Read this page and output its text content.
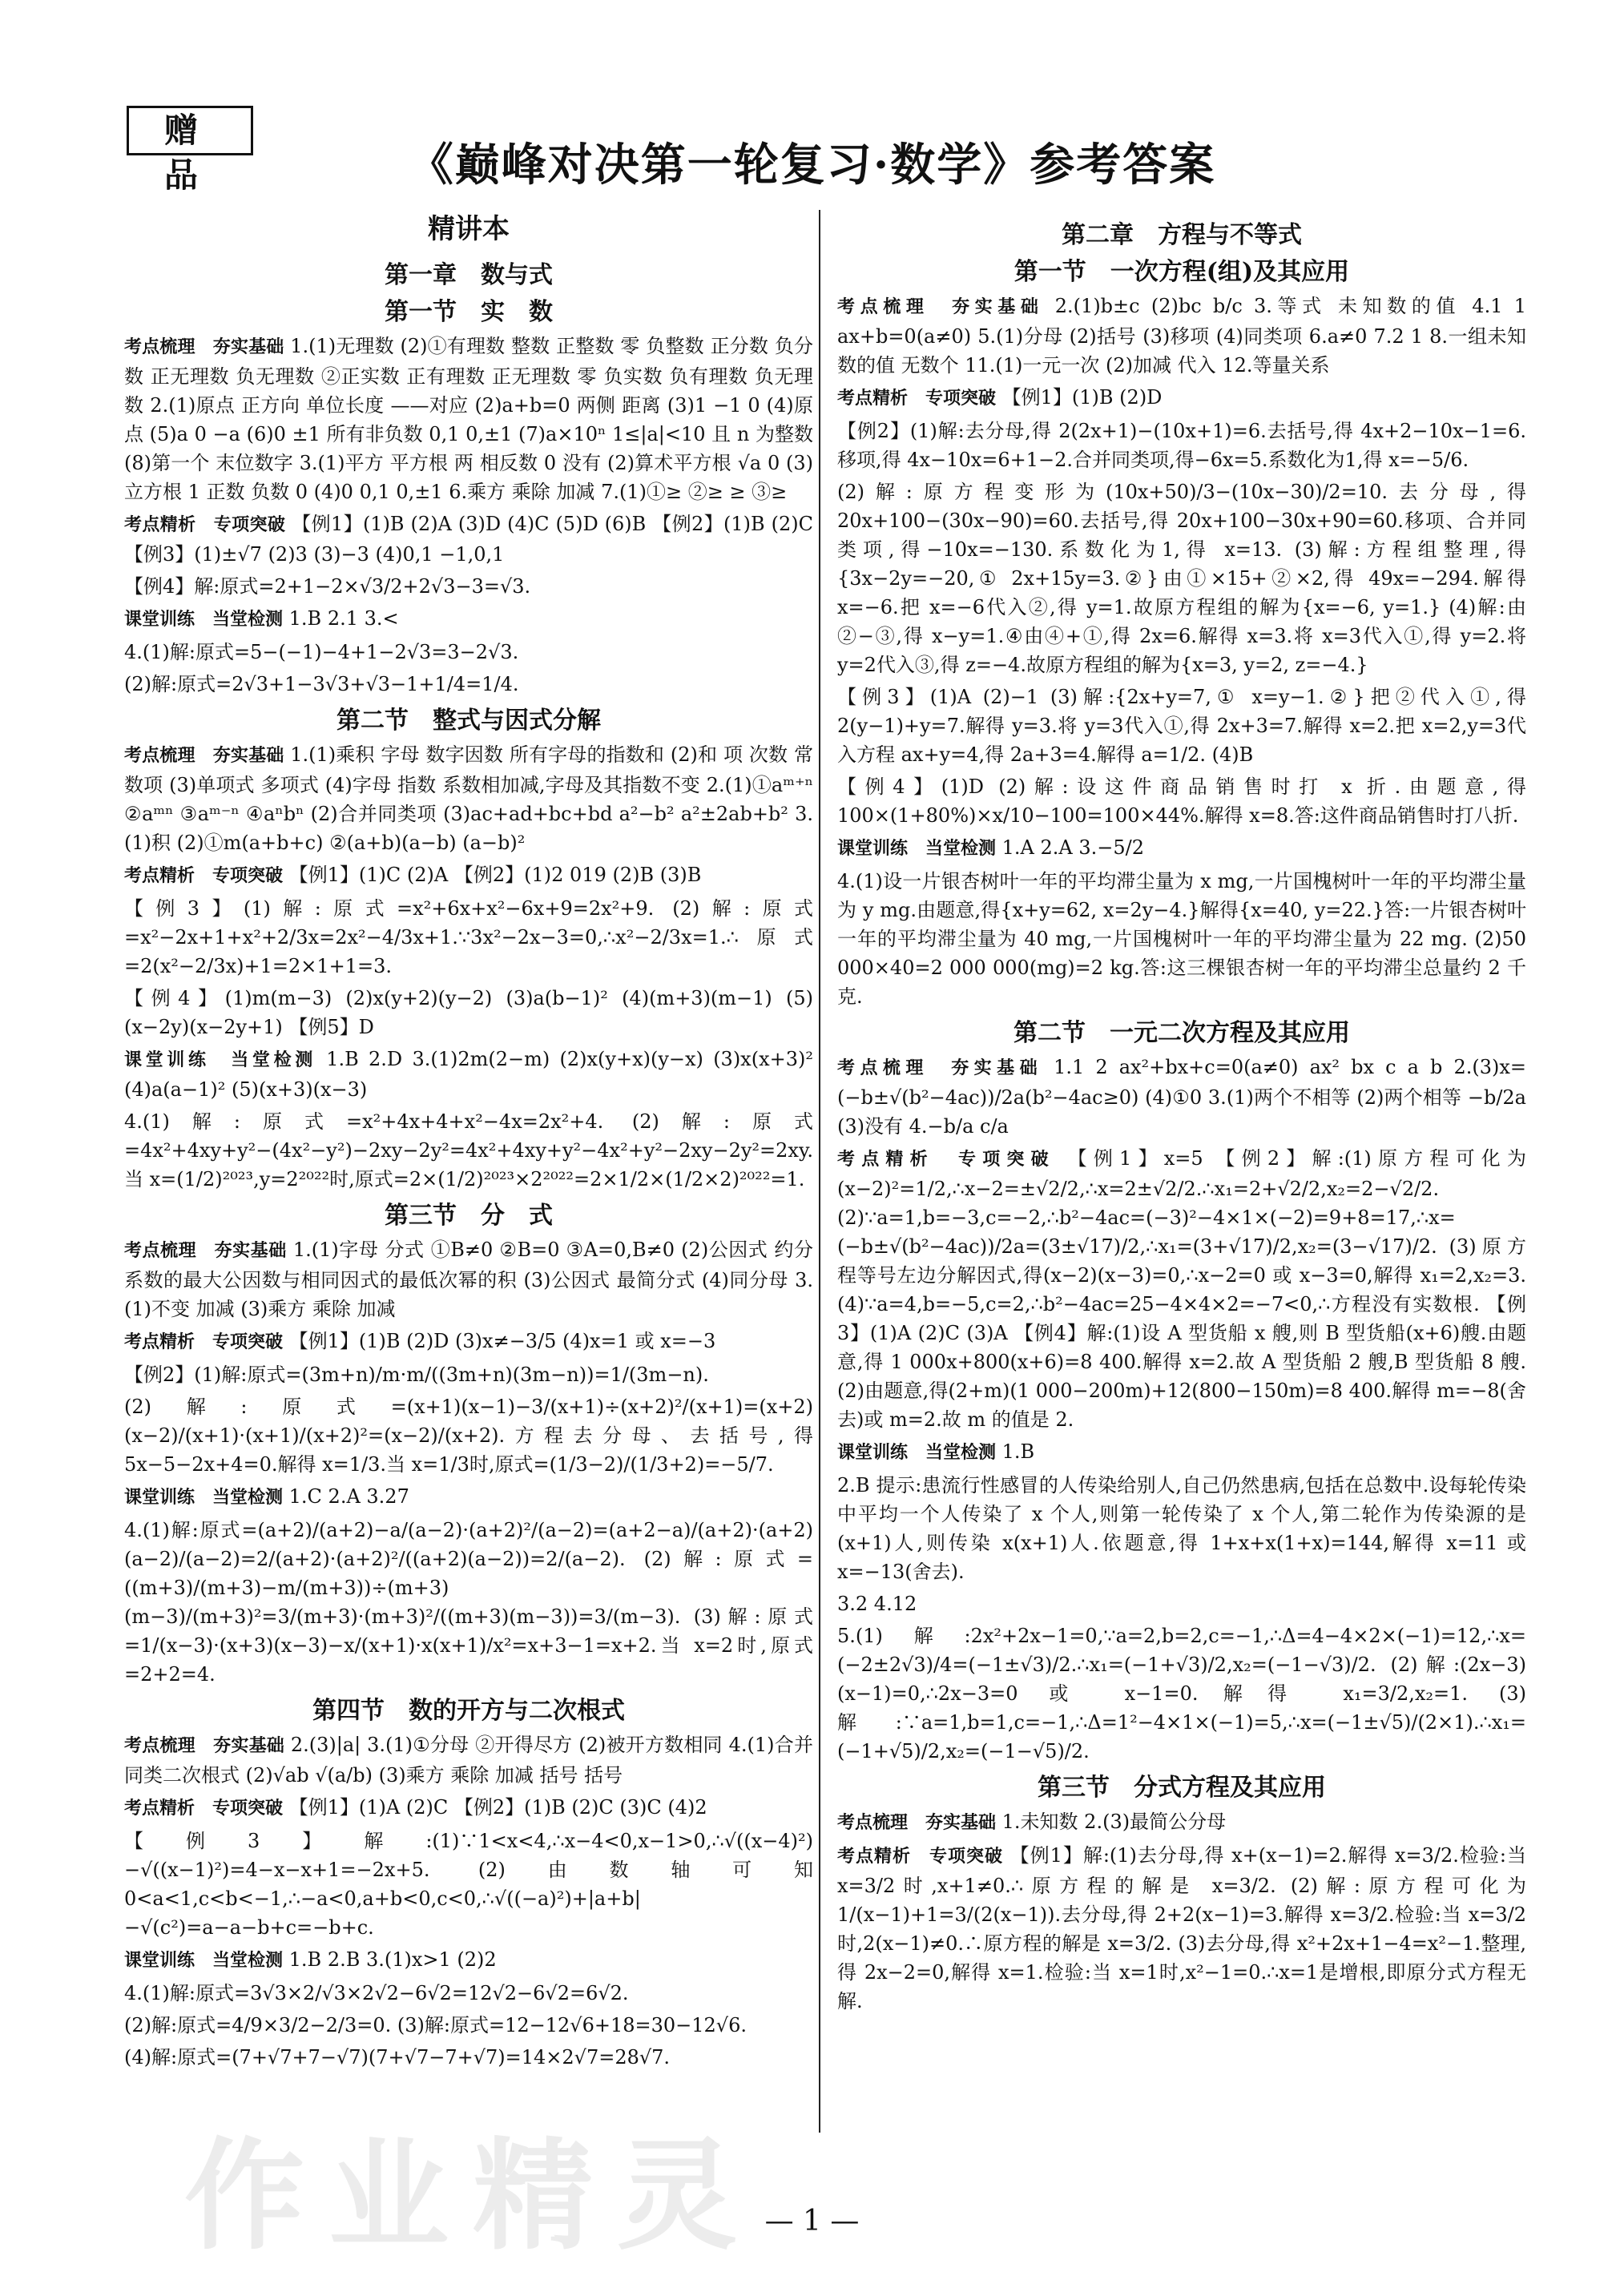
赠 品	《巅峰对决第一轮复习·数学》参考答案
精讲本
第一章　数与式
第一节　实　数

考点梳理　夯实基础 1.(1)无理数 (2)①有理数 整数 正整数 零 负整数 正分数 负分数 正无理数 负无理数 ②正实数 正有理数 正无理数 零 负实数 负有理数 负无理数 2.(1)原点 正方向 单位长度 ——对应 (2)a+b=0 两侧 距离 (3)1 −1 0 (4)原点 (5)a 0 −a (6)0 ±1 所有非负数 0,1 0,±1 (7)a×10ⁿ 1≤|a|<10 且 n 为整数 (8)第一个 末位数字 3.(1)平方 平方根 两 相反数 0 没有 (2)算术平方根 √a 0 (3)立方根 1 正数 负数 0 (4)0 0,1 0,±1 6.乘方 乘除 加减 7.(1)①≥ ②≥ ≥ ③≥

考点精析　专项突破 【例1】(1)B (2)A (3)D (4)C (5)D (6)B 【例2】(1)B (2)C 【例3】(1)±√7 (2)3 (3)−3 (4)0,1 −1,0,1

【例4】解:原式=2+1−2×√3/2+2√3−3=√3.

课堂训练　当堂检测 1.B 2.1 3.<

4.(1)解:原式=5−(−1)−4+1−2√3=3−2√3.

(2)解:原式=2√3+1−3√3+√3−1+1/4=1/4.

第二节　整式与因式分解

考点梳理　夯实基础 1.(1)乘积 字母 数字因数 所有字母的指数和 (2)和 项 次数 常数项 (3)单项式 多项式 (4)字母 指数 系数相加减,字母及其指数不变 2.(1)①aᵐ⁺ⁿ ②aᵐⁿ ③aᵐ⁻ⁿ ④aⁿbⁿ (2)合并同类项 (3)ac+ad+bc+bd a²−b² a²±2ab+b² 3.(1)积 (2)①m(a+b+c) ②(a+b)(a−b) (a−b)²

考点精析　专项突破 【例1】(1)C (2)A 【例2】(1)2 019 (2)B (3)B

【例3】(1)解:原式=x²+6x+x²−6x+9=2x²+9. (2)解:原式=x²−2x+1+x²+2/3x=2x²−4/3x+1.∵3x²−2x−3=0,∴x²−2/3x=1.∴原式=2(x²−2/3x)+1=2×1+1=3.

【例4】(1)m(m−3) (2)x(y+2)(y−2) (3)a(b−1)² (4)(m+3)(m−1) (5)(x−2y)(x−2y+1) 【例5】D

课堂训练　当堂检测 1.B 2.D 3.(1)2m(2−m) (2)x(y+x)(y−x) (3)x(x+3)² (4)a(a−1)² (5)(x+3)(x−3)

4.(1)解:原式=x²+4x+4+x²−4x=2x²+4. (2)解:原式=4x²+4xy+y²−(4x²−y²)−2xy−2y²=4x²+4xy+y²−4x²+y²−2xy−2y²=2xy.当 x=(1/2)²⁰²³,y=2²⁰²²时,原式=2×(1/2)²⁰²³×2²⁰²²=2×1/2×(1/2×2)²⁰²²=1.

第三节　分　式

考点梳理　夯实基础 1.(1)字母 分式 ①B≠0 ②B=0 ③A=0,B≠0 (2)公因式 约分 系数的最大公因数与相同因式的最低次幂的积 (3)公因式 最简分式 (4)同分母 3.(1)不变 加减 (3)乘方 乘除 加减

考点精析　专项突破 【例1】(1)B (2)D (3)x≠−3/5 (4)x=1 或 x=−3

【例2】(1)解:原式=(3m+n)/m·m/((3m+n)(3m−n))=1/(3m−n).

(2)解:原式=(x+1)(x−1)−3/(x+1)÷(x+2)²/(x+1)=(x+2)(x−2)/(x+1)·(x+1)/(x+2)²=(x−2)/(x+2).方程去分母、去括号,得 5x−5−2x+4=0.解得 x=1/3.当 x=1/3时,原式=(1/3−2)/(1/3+2)=−5/7.

课堂训练　当堂检测 1.C 2.A 3.27

4.(1)解:原式=(a+2)/(a+2)−a/(a−2)·(a+2)²/(a−2)=(a+2−a)/(a+2)·(a+2)(a−2)/(a−2)=2/(a+2)·(a+2)²/((a+2)(a−2))=2/(a−2). (2)解:原式=((m+3)/(m+3)−m/(m+3))÷(m+3)(m−3)/(m+3)²=3/(m+3)·(m+3)²/((m+3)(m−3))=3/(m−3). (3)解:原式=1/(x−3)·(x+3)(x−3)−x/(x+1)·x(x+1)/x²=x+3−1=x+2.当 x=2时,原式=2+2=4.

第四节　数的开方与二次根式

考点梳理　夯实基础 2.(3)|a| 3.(1)①分母 ②开得尽方 (2)被开方数相同 4.(1)合并同类二次根式 (2)√ab √(a/b) (3)乘方 乘除 加减 括号 括号

考点精析　专项突破 【例1】(1)A (2)C 【例2】(1)B (2)C (3)C (4)2

【例3】解:(1)∵1<x<4,∴x−4<0,x−1>0,∴√((x−4)²)−√((x−1)²)=4−x−x+1=−2x+5. (2)由数轴可知0<a<1,c<b<−1,∴−a<0,a+b<0,c<0,∴√((−a)²)+|a+b|−√(c²)=a−a−b+c=−b+c.

课堂训练　当堂检测 1.B 2.B 3.(1)x>1 (2)2

4.(1)解:原式=3√3×2/√3×2√2−6√2=12√2−6√2=6√2.

(2)解:原式=4/9×3/2−2/3=0. (3)解:原式=12−12√6+18=30−12√6.

(4)解:原式=(7+√7+7−√7)(7+√7−7+√7)=14×2√7=28√7.

第二章　方程与不等式
第一节　一次方程(组)及其应用

考点梳理　夯实基础 2.(1)b±c (2)bc b/c 3.等式 未知数的值 4.1 1 ax+b=0(a≠0) 5.(1)分母 (2)括号 (3)移项 (4)同类项 6.a≠0 7.2 1 8.一组未知数的值 无数个 11.(1)一元一次 (2)加减 代入 12.等量关系

考点精析　专项突破 【例1】(1)B (2)D

【例2】(1)解:去分母,得 2(2x+1)−(10x+1)=6.去括号,得 4x+2−10x−1=6.移项,得 4x−10x=6+1−2.合并同类项,得−6x=5.系数化为1,得 x=−5/6.

(2)解:原方程变形为(10x+50)/3−(10x−30)/2=10.去分母,得 20x+100−(30x−90)=60.去括号,得 20x+100−30x+90=60.移项、合并同类项,得−10x=−130.系数化为1,得 x=13. (3)解:方程组整理,得{3x−2y=−20,① 2x+15y=3.②}由①×15+②×2,得 49x=−294.解得 x=−6.把 x=−6代入②,得 y=1.故原方程组的解为{x=−6, y=1.} (4)解:由②−③,得 x−y=1.④由④+①,得 2x=6.解得 x=3.将 x=3代入①,得 y=2.将 y=2代入③,得 z=−4.故原方程组的解为{x=3, y=2, z=−4.}

【例3】(1)A (2)−1 (3)解:{2x+y=7,① x=y−1.②}把②代入①,得 2(y−1)+y=7.解得 y=3.将 y=3代入①,得 2x+3=7.解得 x=2.把 x=2,y=3代入方程 ax+y=4,得 2a+3=4.解得 a=1/2. (4)B

【例4】(1)D (2)解:设这件商品销售时打 x 折.由题意,得 100×(1+80%)×x/10−100=100×44%.解得 x=8.答:这件商品销售时打八折.

课堂训练　当堂检测 1.A 2.A 3.−5/2

4.(1)设一片银杏树叶一年的平均滞尘量为 x mg,一片国槐树叶一年的平均滞尘量为 y mg.由题意,得{x+y=62, x=2y−4.}解得{x=40, y=22.}答:一片银杏树叶一年的平均滞尘量为 40 mg,一片国槐树叶一年的平均滞尘量为 22 mg. (2)50 000×40=2 000 000(mg)=2 kg.答:这三棵银杏树一年的平均滞尘总量约 2 千克.

第二节　一元二次方程及其应用

考点梳理　夯实基础 1.1 2 ax²+bx+c=0(a≠0) ax² bx c a b 2.(3)x=(−b±√(b²−4ac))/2a(b²−4ac≥0) (4)①0 3.(1)两个不相等 (2)两个相等 −b/2a (3)没有 4.−b/a c/a

考点精析　专项突破 【例1】x=5 【例2】解:(1)原方程可化为(x−2)²=1/2,∴x−2=±√2/2,∴x=2±√2/2.∴x₁=2+√2/2,x₂=2−√2/2. (2)∵a=1,b=−3,c=−2,∴b²−4ac=(−3)²−4×1×(−2)=9+8=17,∴x=(−b±√(b²−4ac))/2a=(3±√17)/2,∴x₁=(3+√17)/2,x₂=(3−√17)/2. (3)原方程等号左边分解因式,得(x−2)(x−3)=0,∴x−2=0 或 x−3=0,解得 x₁=2,x₂=3. (4)∵a=4,b=−5,c=2,∴b²−4ac=25−4×4×2=−7<0,∴方程没有实数根. 【例3】(1)A (2)C (3)A 【例4】解:(1)设 A 型货船 x 艘,则 B 型货船(x+6)艘.由题意,得 1 000x+800(x+6)=8 400.解得 x=2.故 A 型货船 2 艘,B 型货船 8 艘. (2)由题意,得(2+m)(1 000−200m)+12(800−150m)=8 400.解得 m=−8(舍去)或 m=2.故 m 的值是 2.

课堂训练　当堂检测 1.B

2.B 提示:患流行性感冒的人传染给别人,自己仍然患病,包括在总数中.设每轮传染中平均一个人传染了 x 个人,则第一轮传染了 x 个人,第二轮作为传染源的是(x+1)人,则传染 x(x+1)人.依题意,得 1+x+x(1+x)=144,解得 x=11 或 x=−13(舍去).

3.2 4.12

5.(1)解:2x²+2x−1=0,∵a=2,b=2,c=−1,∴Δ=4−4×2×(−1)=12,∴x=(−2±2√3)/4=(−1±√3)/2.∴x₁=(−1+√3)/2,x₂=(−1−√3)/2. (2)解:(2x−3)(x−1)=0,∴2x−3=0 或 x−1=0.解得 x₁=3/2,x₂=1. (3)解:∵a=1,b=1,c=−1,∴Δ=1²−4×1×(−1)=5,∴x=(−1±√5)/(2×1).∴x₁=(−1+√5)/2,x₂=(−1−√5)/2.

第三节　分式方程及其应用

考点梳理　夯实基础 1.未知数 2.(3)最简公分母

考点精析　专项突破 【例1】解:(1)去分母,得 x+(x−1)=2.解得 x=3/2.检验:当 x=3/2时,x+1≠0.∴原方程的解是 x=3/2. (2)解:原方程可化为1/(x−1)+1=3/(2(x−1)).去分母,得 2+2(x−1)=3.解得 x=3/2.检验:当 x=3/2时,2(x−1)≠0.∴原方程的解是 x=3/2. (3)去分母,得 x²+2x+1−4=x²−1.整理,得 2x−2=0,解得 x=1.检验:当 x=1时,x²−1=0.∴x=1是增根,即原分式方程无解.

作业精灵 — 1 —
